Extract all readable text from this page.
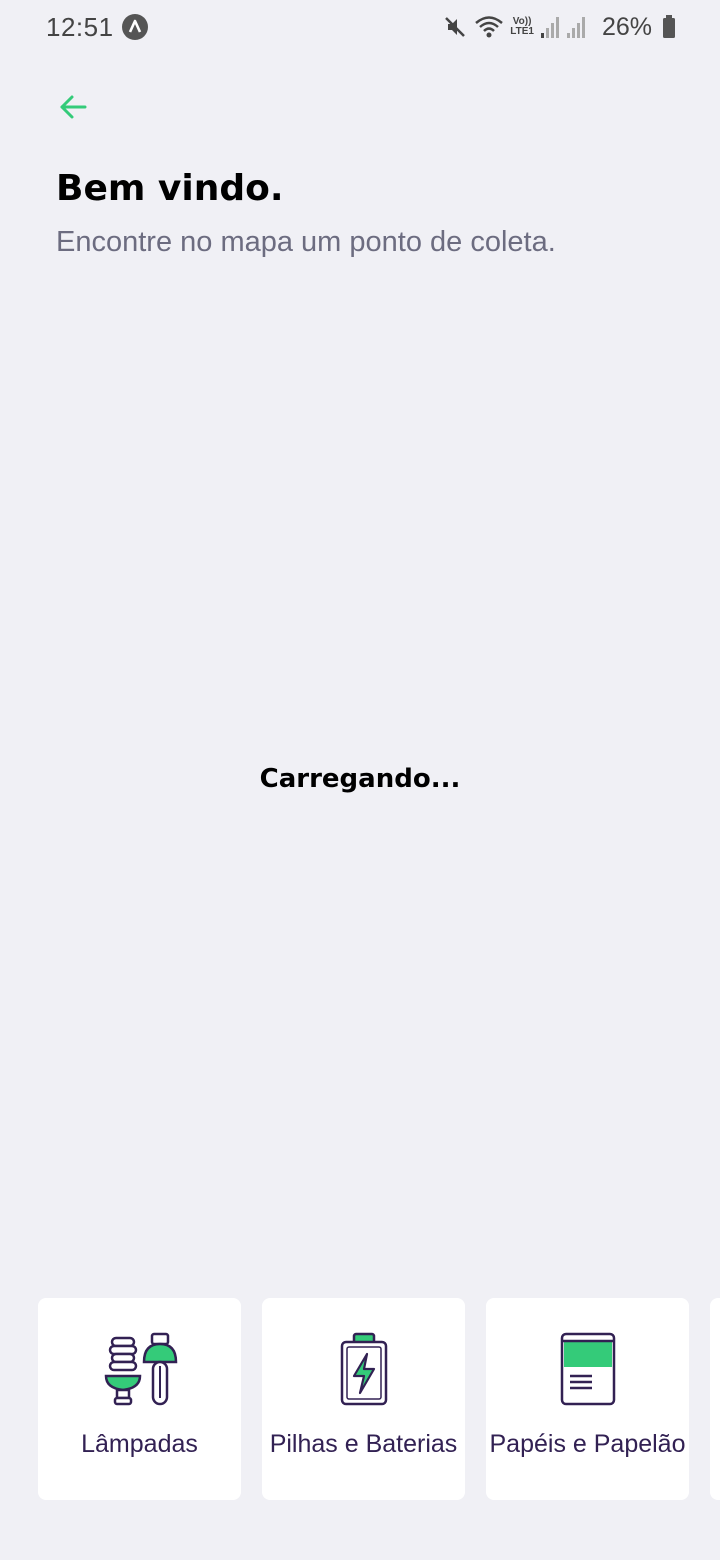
12:51	Vo))
LTE1	26%
Bem vindo.

Encontre no mapa um ponto de coleta.

Carregando...
Lâmpadas	Pilhas e Baterias	Papéis e Papelão
